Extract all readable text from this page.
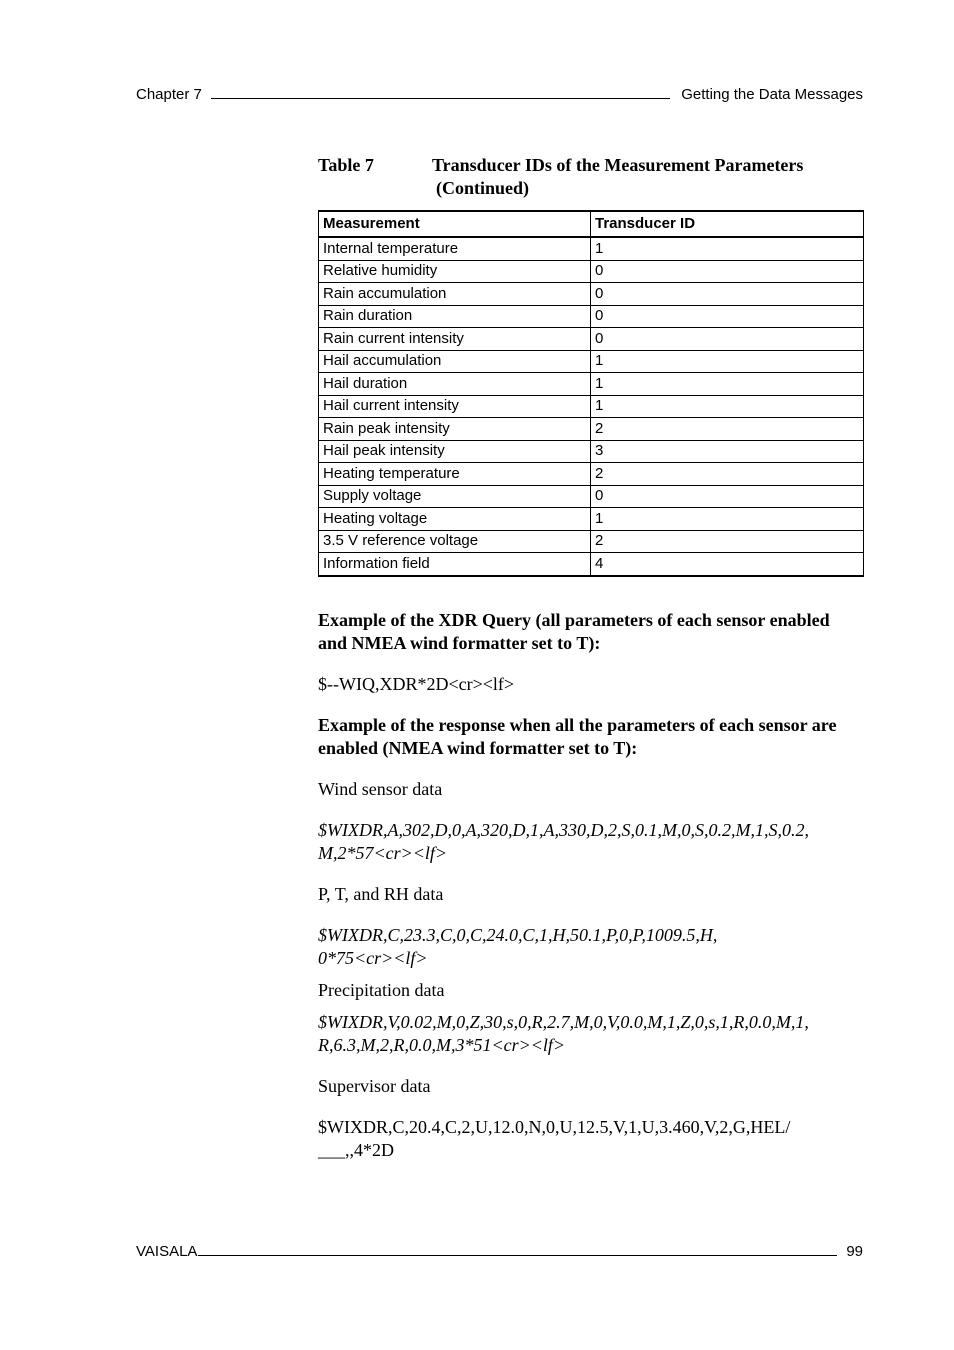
Chapter 7	Getting the Data Messages
Table 7	Transducer IDs of the Measurement Parameters
(Continued)
Measurement	Transducer ID
Internal temperature	1
Relative humidity	0
Rain accumulation	0
Rain duration	0
Rain current intensity	0
Hail accumulation	1
Hail duration	1
Hail current intensity	1
Rain peak intensity	2
Hail peak intensity	3
Heating temperature	2
Supply voltage	0
Heating voltage	1
3.5 V reference voltage	2
Information field	4

Example of the XDR Query (all parameters of each sensor enabled
and NMEA wind formatter set to T):

$--WIQ,XDR*2D<cr><lf>

Example of the response when all the parameters of each sensor are
enabled (NMEA wind formatter set to T):

Wind sensor data

$WIXDR,A,302,D,0,A,320,D,1,A,330,D,2,S,0.1,M,0,S,0.2,M,1,S,0.2,
M,2*57<cr><lf>

P, T, and RH data

$WIXDR,C,23.3,C,0,C,24.0,C,1,H,50.1,P,0,P,1009.5,H,
0*75<cr><lf>

Precipitation data

$WIXDR,V,0.02,M,0,Z,30,s,0,R,2.7,M,0,V,0.0,M,1,Z,0,s,1,R,0.0,M,1,
R,6.3,M,2,R,0.0,M,3*51<cr><lf>

Supervisor data

$WIXDR,C,20.4,C,2,U,12.0,N,0,U,12.5,V,1,U,3.460,V,2,G,HEL/
___,,4*2D

VAISALA	99
